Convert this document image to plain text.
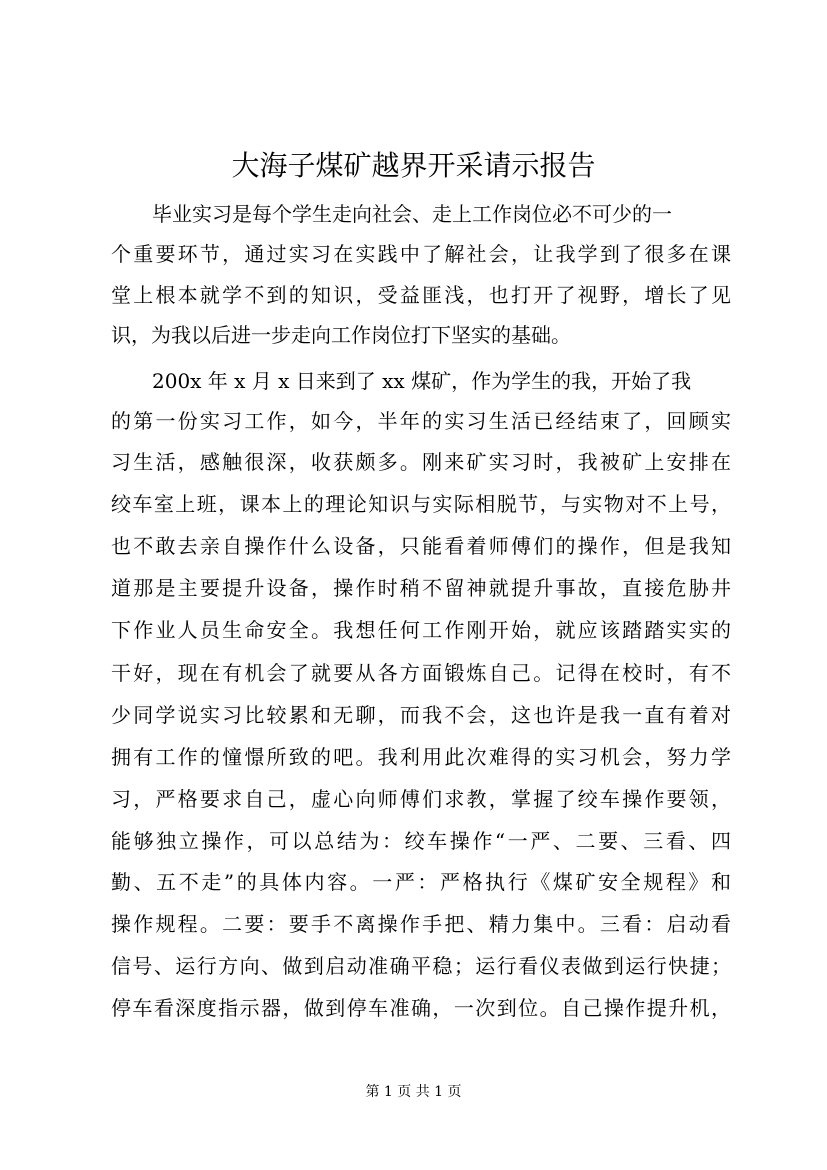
大海子煤矿越界开采请示报告
毕业实习是每个学生走向社会、走上工作岗位必不可少的一
个重要环节，通过实习在实践中了解社会，让我学到了很多在课
堂上根本就学不到的知识，受益匪浅，也打开了视野，增长了见
识，为我以后进一步走向工作岗位打下坚实的基础。
200x 年 x 月 x 日来到了 xx 煤矿，作为学生的我，开始了我
的第一份实习工作，如今，半年的实习生活已经结束了，回顾实
习生活，感触很深，收获颇多。刚来矿实习时，我被矿上安排在
绞车室上班，课本上的理论知识与实际相脱节，与实物对不上号，
也不敢去亲自操作什么设备，只能看着师傅们的操作，但是我知
道那是主要提升设备，操作时稍不留神就提升事故，直接危胁井
下作业人员生命安全。我想任何工作刚开始，就应该踏踏实实的
干好，现在有机会了就要从各方面锻炼自己。记得在校时，有不
少同学说实习比较累和无聊，而我不会，这也许是我一直有着对
拥有工作的憧憬所致的吧。我利用此次难得的实习机会，努力学
习，严格要求自己，虚心向师傅们求教，掌握了绞车操作要领，
能够独立操作，可以总结为：绞车操作“一严、二要、三看、四
勤、五不走”的具体内容。一严：严格执行《煤矿安全规程》和
操作规程。二要：要手不离操作手把、精力集中。三看：启动看
信号、运行方向、做到启动准确平稳；运行看仪表做到运行快捷；
停车看深度指示器，做到停车准确，一次到位。自己操作提升机，
第 1 页 共 1 页
